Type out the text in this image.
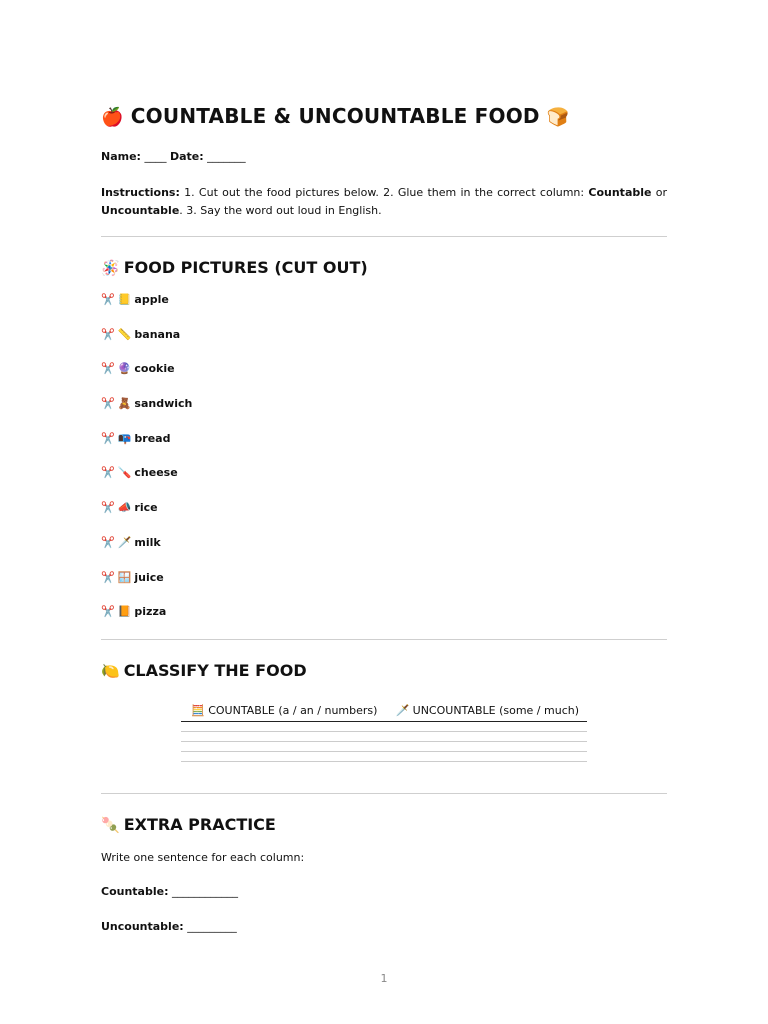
🍎 COUNTABLE & UNCOUNTABLE FOOD 🍞
Name: ____ Date: _______
Instructions: 1. Cut out the food pictures below. 2. Glue them in the correct column: Countable or Uncountable. 3. Say the word out loud in English.
🪅 FOOD PICTURES (CUT OUT)
✂️ 📒 apple
✂️ 📏 banana
✂️ 🔮 cookie
✂️ 🧸 sandwich
✂️ 📭 bread
✂️ 🪛 cheese
✂️ 📣 rice
✂️ 🗡️ milk
✂️ 🪟 juice
✂️ 📙 pizza
🍋 CLASSIFY THE FOOD
🧮 COUNTABLE (a / an / numbers)	🗡️ UNCOUNTABLE (some / much)

🍡 EXTRA PRACTICE
Write one sentence for each column:
Countable: ____________
Uncountable: _________
1
